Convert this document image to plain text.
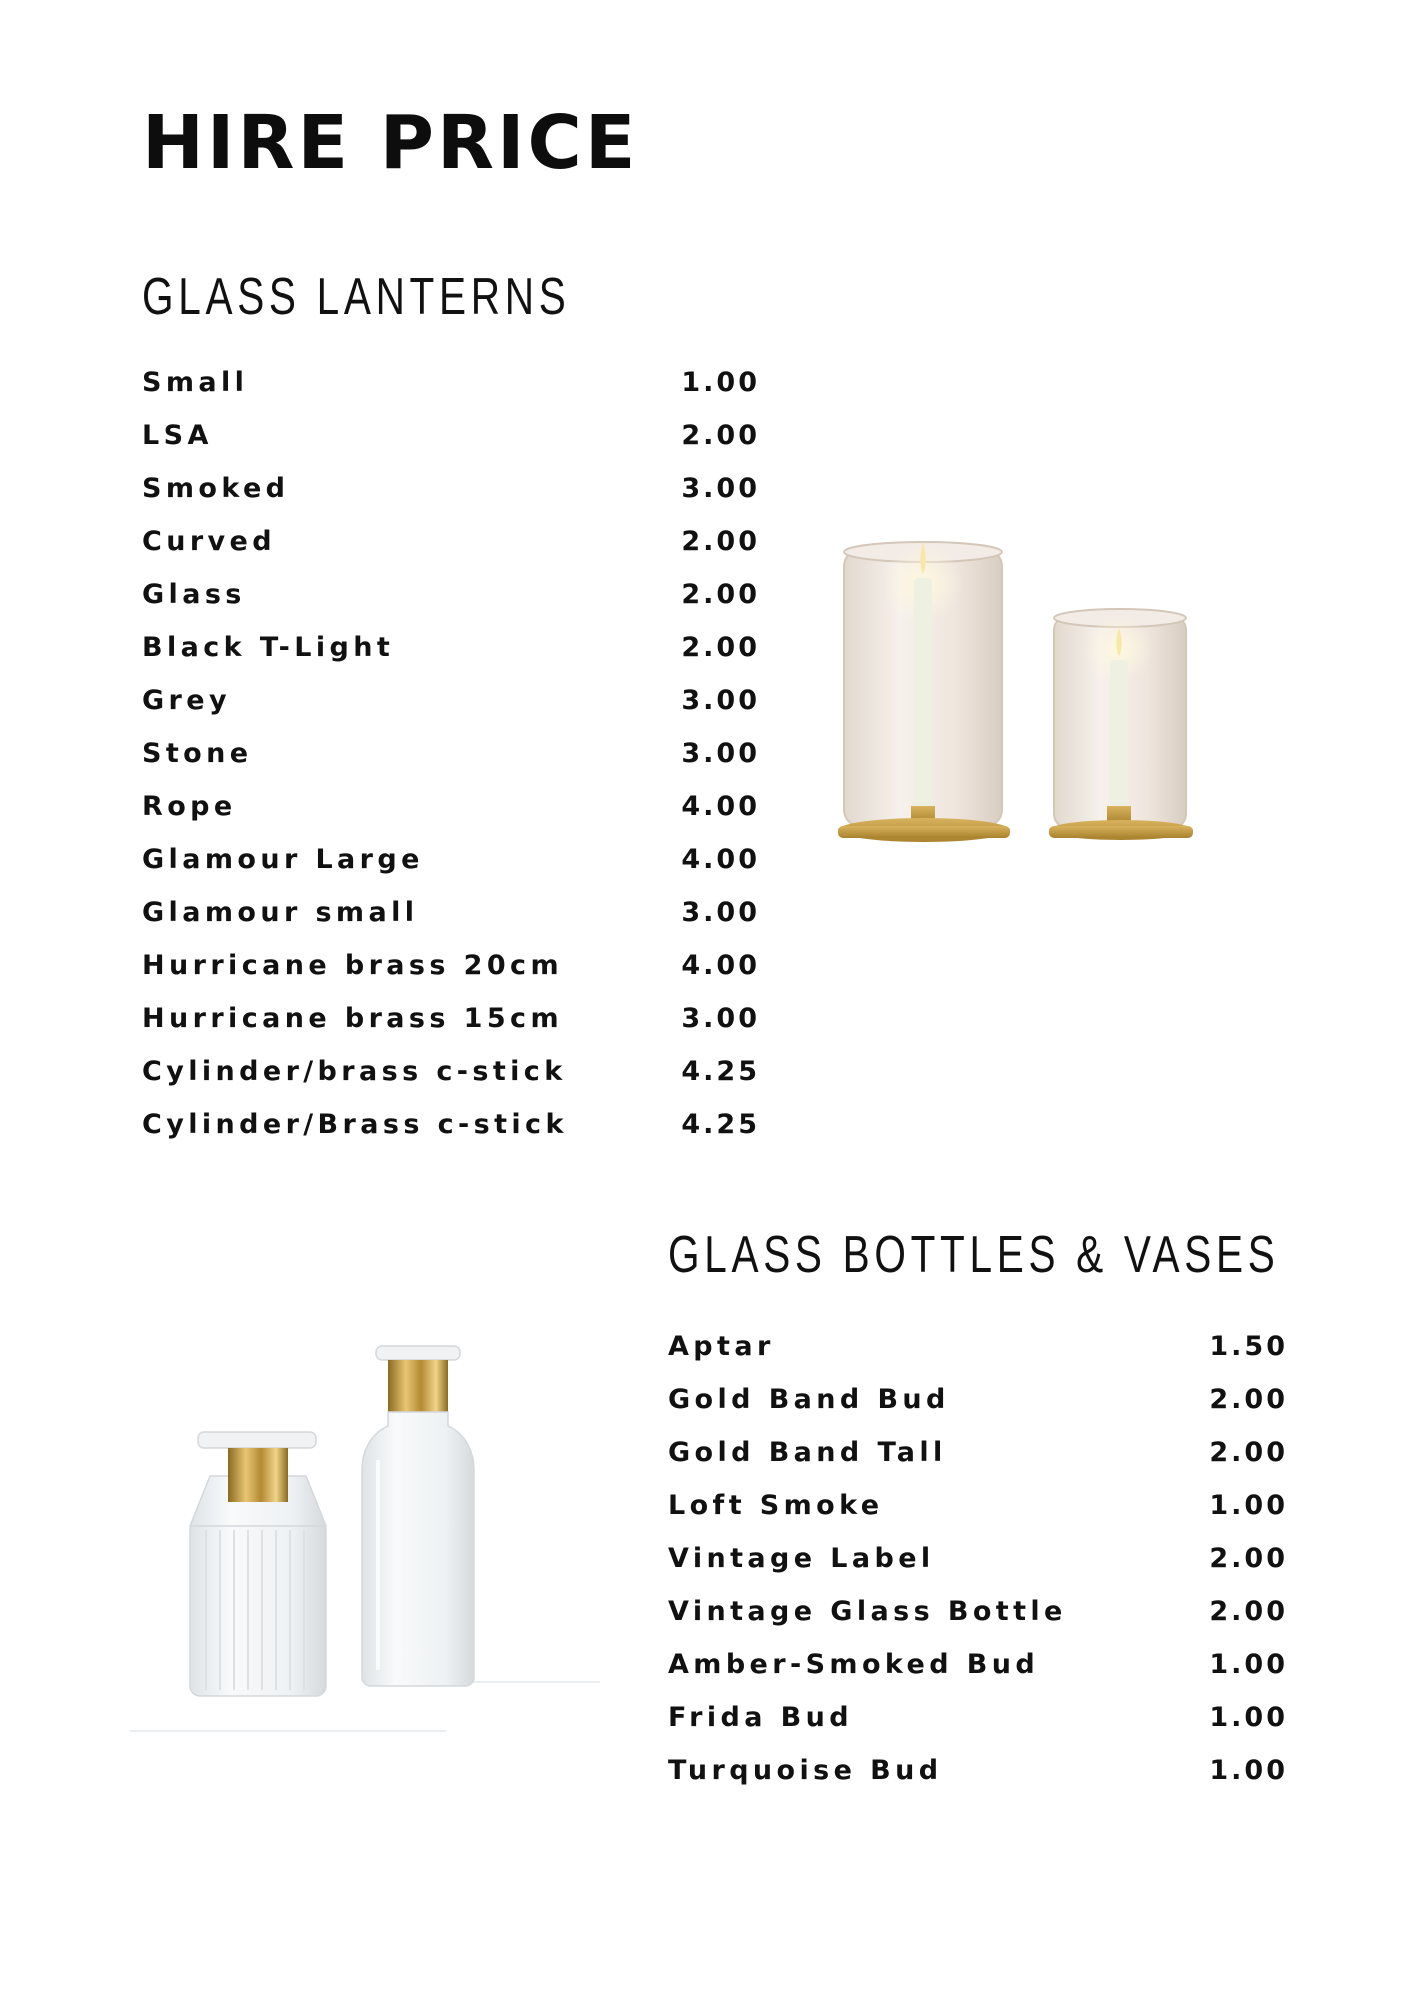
HIRE PRICE
GLASS LANTERNS
Small	1.00
LSA	2.00
Smoked	3.00
Curved	2.00
Glass	2.00
Black T-Light	2.00
Grey	3.00
Stone	3.00
Rope	4.00
Glamour Large	4.00
Glamour small	3.00
Hurricane brass 20cm	4.00
Hurricane brass 15cm	3.00
Cylinder/brass c-stick	4.25
Cylinder/Brass c-stick	4.25
GLASS BOTTLES & VASES
Aptar	1.50
Gold Band Bud	2.00
Gold Band Tall	2.00
Loft Smoke	1.00
Vintage Label	2.00
Vintage Glass Bottle	2.00
Amber-Smoked Bud	1.00
Frida Bud	1.00
Turquoise Bud	1.00
